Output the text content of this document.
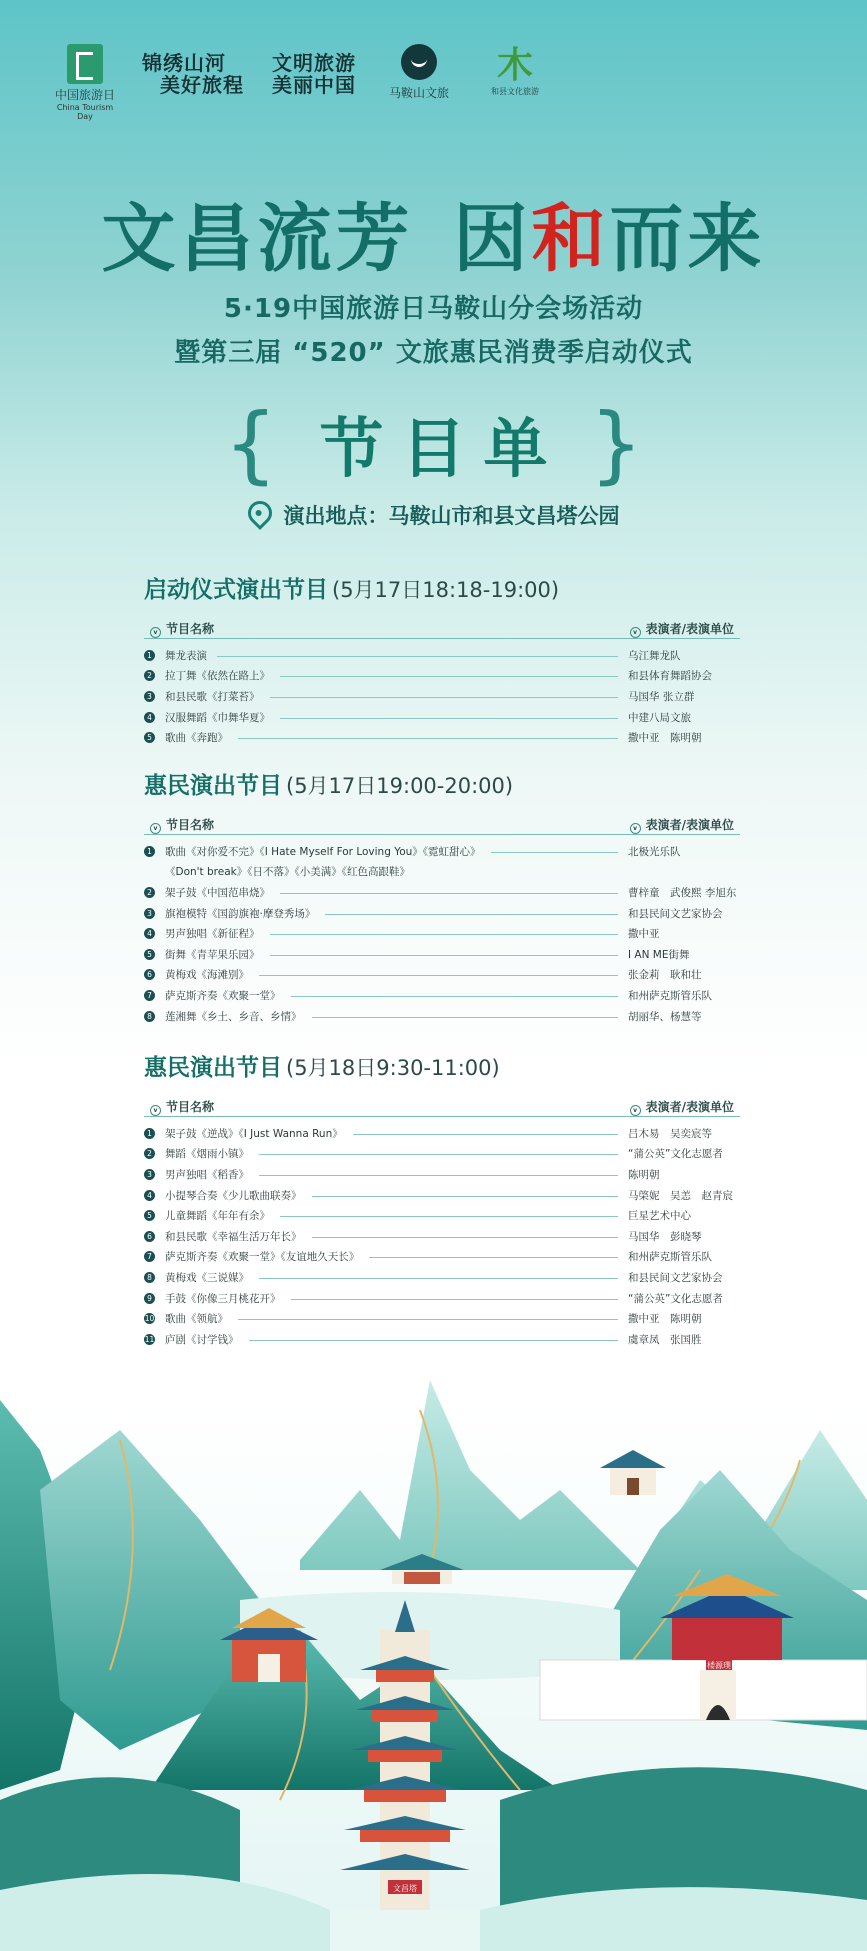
中国旅游日
China Tourism Day
锦绣山河
美好旅程
文明旅游
美丽中国	马鞍山文旅
⽊
和县文化旅游
文昌流芳 因和而来
5·19中国旅游日马鞍山分会场活动
暨第三届 “520” 文旅惠民消费季启动仪式
{ 节目单 }
演出地点：马鞍山市和县文昌塔公园
启动仪式演出节目 (5月17日18:18-19:00)
v 节目名称	v 表演者/表演单位
1 舞龙表演	乌江舞龙队
2 拉丁舞《依然在路上》	和县体育舞蹈协会
3 和县民歌《打菜苔》	马国华 张立群
4 汉服舞蹈《巾舞华夏》	中建八局文旅
5 歌曲《奔跑》	撒中亚　陈明朝
惠民演出节目 (5月17日19:00-20:00)
v 节目名称	v 表演者/表演单位
1 歌曲《对你爱不完》《I Hate Myself For Loving You》《霓虹甜心》	北极光乐队
《Don't break》《日不落》《小美满》《红色高跟鞋》
2 架子鼓《中国范串烧》	曹梓童　武俊熙 李旭东
3 旗袍模特《国韵旗袍·摩登秀场》	和县民间文艺家协会
4 男声独唱《新征程》	撒中亚
5 街舞《青苹果乐园》	I AN ME街舞
6 黄梅戏《海滩别》	张金莉　耿和壮
7 萨克斯齐奏《欢聚一堂》	和州萨克斯管乐队
8 莲湘舞《乡土、乡音、乡情》	胡丽华、杨慧等
惠民演出节目 (5月18日9:30-11:00)
v 节目名称	v 表演者/表演单位
1 架子鼓《逆战》《I Just Wanna Run》	吕木易　吴奕宸等
2 舞蹈《烟雨小镇》	“蒲公英”文化志愿者
3 男声独唱《稻香》	陈明朝
4 小提琴合奏《少儿歌曲联奏》	马棨妮　吴恙　赵青宸
5 儿童舞蹈《年年有余》	巨星艺术中心
6 和县民歌《幸福生活万年长》	马国华　彭晓琴
7 萨克斯齐奏《欢聚一堂》《友谊地久天长》	和州萨克斯管乐队
8 黄梅戏《三说媒》	和县民间文艺家协会
9 手鼓《你像三月桃花开》	“蒲公英”文化志愿者
10 歌曲《领航》	撒中亚　陈明朝
11 庐剧《讨学钱》	虞章凤　张国胜
楼源璞
文昌塔
